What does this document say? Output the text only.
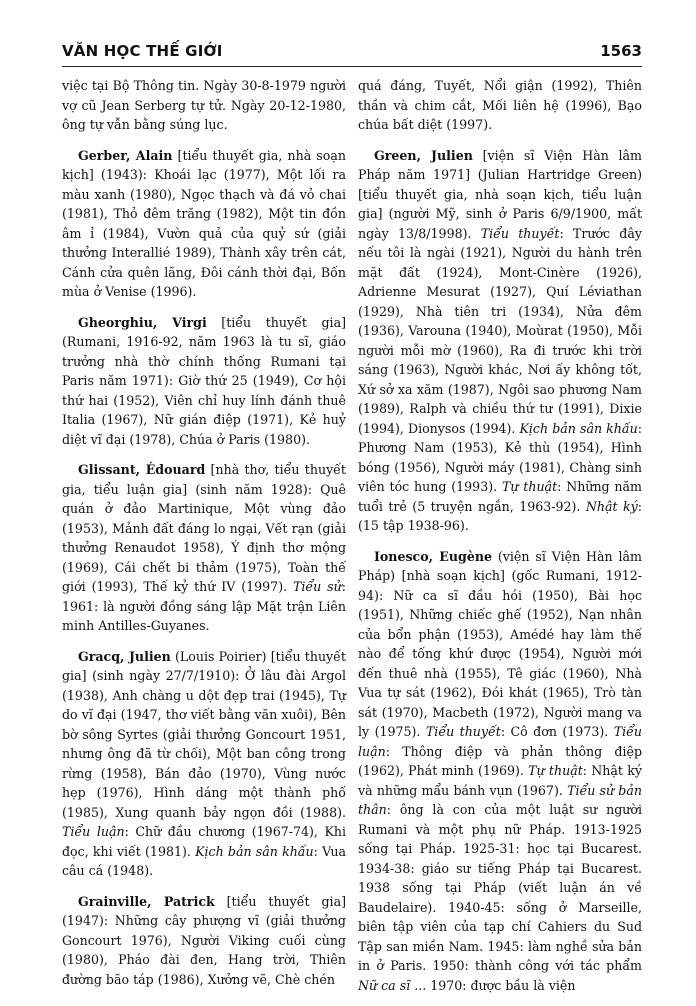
VĂN HỌC THẾ GIỚI	1563

việc tại Bộ Thông tin. Ngày 30-8-1979 người vợ cũ Jean Serberg tự tử. Ngày 20-12-1980, ông tự vẫn bằng súng lục.

Gerber, Alain [tiểu thuyết gia, nhà soạn kịch] (1943): Khoái lạc (1977), Một lối ra màu xanh (1980), Ngọc thạch và đá vỏ chai (1981), Thỏ đêm trăng (1982), Một tin đồn âm ỉ (1984), Vườn quả của quỷ sứ (giải thưởng Interallié 1989), Thành xây trên cát, Cánh cửa quên lãng, Đôi cánh thời đại, Bốn mùa ở Venise (1996).

Gheorghiu, Virgi [tiểu thuyết gia] (Rumani, 1916-92, năm 1963 là tu sĩ, giáo trưởng nhà thờ chính thống Rumani tại Paris năm 1971): Giờ thứ 25 (1949), Cơ hội thứ hai (1952), Viên chỉ huy lính đánh thuê Italia (1967), Nữ gián điệp (1971), Kẻ huỷ diệt vĩ đại (1978), Chúa ở Paris (1980).

Glissant, Édouard [nhà thơ, tiểu thuyết gia, tiểu luận gia] (sinh năm 1928): Quê quán ở đảo Martinique, Một vùng đảo (1953), Mảnh đất đáng lo ngại, Vết rạn (giải thưởng Renaudot 1958), Ý định thơ mộng (1969), Cái chết bi thảm (1975), Toàn thế giới (1993), Thế kỷ thứ IV (1997). Tiểu sử: 1961: là người đồng sáng lập Mặt trận Liên minh Antilles-Guyanes.

Gracq, Julien (Louis Poirier) [tiểu thuyết gia] (sinh ngày 27/7/1910): Ở lâu đài Argol (1938), Anh chàng u dột đẹp trai (1945), Tự do vĩ đại (1947, thơ viết bằng văn xuôi), Bên bờ sông Syrtes (giải thưởng Goncourt 1951, nhưng ông đã từ chối), Một ban công trong rừng (1958), Bán đảo (1970), Vùng nước hẹp (1976), Hình dáng một thành phố (1985), Xung quanh bảy ngọn đồi (1988). Tiểu luận: Chữ đầu chương (1967-74), Khi đọc, khi viết (1981). Kịch bản sân khấu: Vua câu cá (1948).

Grainville, Patrick [tiểu thuyết gia] (1947): Những cây phượng vĩ (giải thưởng Goncourt 1976), Người Viking cuối cùng (1980), Pháo đài đen, Hang trời, Thiên đường bão táp (1986), Xưởng vẽ, Chè chén

quá đáng, Tuyết, Nổi giận (1992), Thiên thần và chim cắt, Mối liên hệ (1996), Bạo chúa bất diệt (1997).

Green, Julien [viện sĩ Viện Hàn lâm Pháp năm 1971] (Julian Hartridge Green) [tiểu thuyết gia, nhà soạn kịch, tiểu luận gia] (người Mỹ, sinh ở Paris 6/9/1900, mất ngày 13/8/1998). Tiểu thuyết: Trước đây nếu tôi là ngài (1921), Người du hành trên mặt đất (1924), Mont-Cinère (1926), Adrienne Mesurat (1927), Quí Léviathan (1929), Nhà tiên tri (1934), Nửa đêm (1936), Varouna (1940), Moùrat (1950), Mỗi người mỗi mờ (1960), Ra đi trước khi trời sáng (1963), Người khác, Nơi ấy không tốt, Xứ sở xa xăm (1987), Ngôi sao phương Nam (1989), Ralph và chiều thứ tư (1991), Dixie (1994), Dionysos (1994). Kịch bản sân khấu: Phương Nam (1953), Kẻ thù (1954), Hình bóng (1956), Người máy (1981), Chàng sinh viên tóc hung (1993). Tự thuật: Những năm tuổi trẻ (5 truyện ngắn, 1963-92). Nhật ký: (15 tập 1938-96).

Ionesco, Eugène (viện sĩ Viện Hàn lâm Pháp) [nhà soạn kịch] (gốc Rumani, 1912-94): Nữ ca sĩ đầu hói (1950), Bài học (1951), Những chiếc ghế (1952), Nạn nhân của bổn phận (1953), Amédé hay làm thế nào để tống khứ được (1954), Người mới đến thuê nhà (1955), Tê giác (1960), Nhà Vua tự sát (1962), Đói khát (1965), Trò tàn sát (1970), Macbeth (1972), Người mang va ly (1975). Tiểu thuyết: Cô đơn (1973). Tiểu luận: Thông điệp và phản thông điệp (1962), Phát minh (1969). Tự thuật: Nhật ký và những mẩu bánh vụn (1967). Tiểu sử bản thân: ông là con của một luật sư người Rumani và một phụ nữ Pháp. 1913-1925 sống tại Pháp. 1925-31: học tại Bucarest. 1934-38: giáo sư tiếng Pháp tại Bucarest. 1938 sống tại Pháp (viết luận án về Baudelaire). 1940-45: sống ở Marseille, biên tập viên của tạp chí Cahiers du Sud Tập san miền Nam. 1945: làm nghề sửa bản in ở Paris. 1950: thành công với tác phẩm Nữ ca sĩ ... 1970: được bầu là viện
